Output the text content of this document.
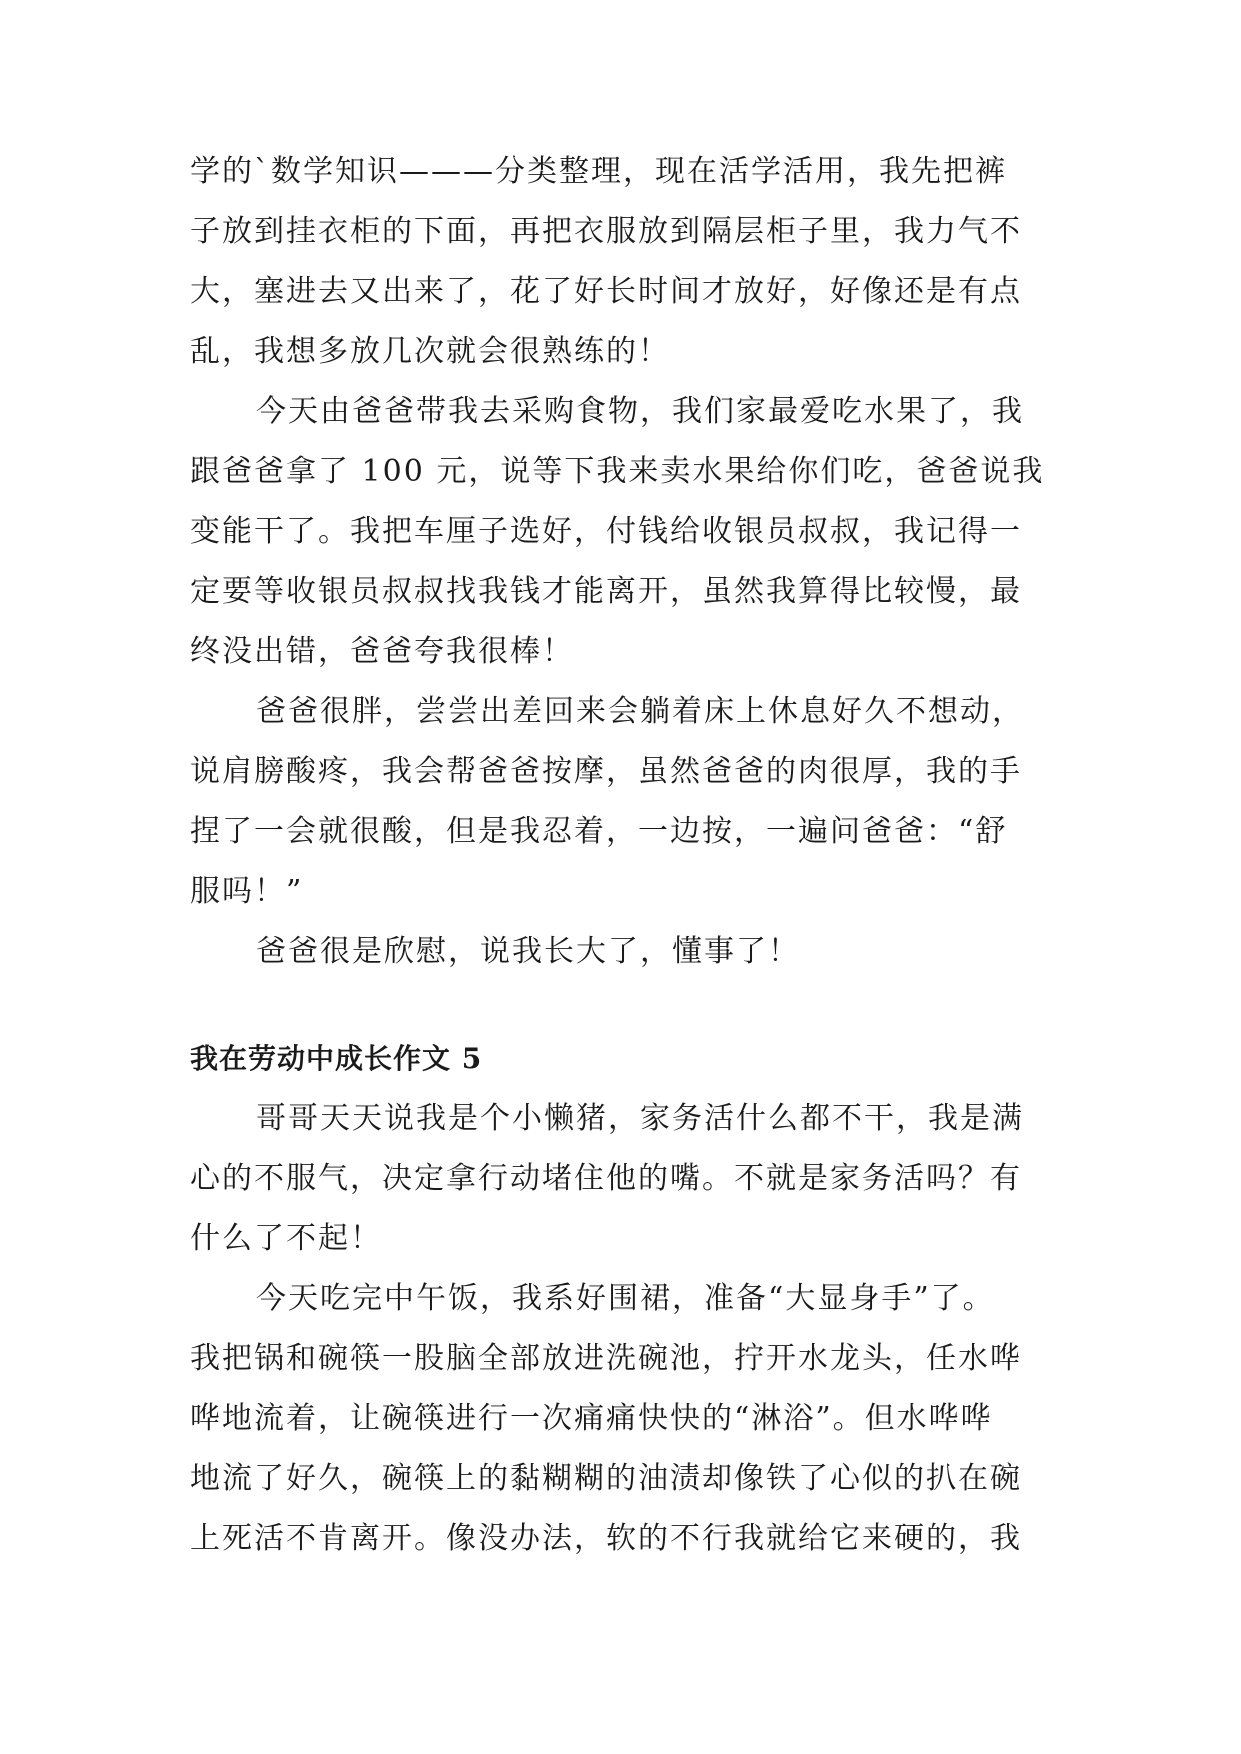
学的`数学知识———分类整理，现在活学活用，我先把裤

子放到挂衣柜的下面，再把衣服放到隔层柜子里，我力气不

大，塞进去又出来了，花了好长时间才放好，好像还是有点

乱，我想多放几次就会很熟练的！

今天由爸爸带我去采购食物，我们家最爱吃水果了，我

跟爸爸拿了 100 元，说等下我来卖水果给你们吃，爸爸说我

变能干了。我把车厘子选好，付钱给收银员叔叔，我记得一

定要等收银员叔叔找我钱才能离开，虽然我算得比较慢，最

终没出错，爸爸夸我很棒！

爸爸很胖，尝尝出差回来会躺着床上休息好久不想动，

说肩膀酸疼，我会帮爸爸按摩，虽然爸爸的肉很厚，我的手

捏了一会就很酸，但是我忍着，一边按，一遍问爸爸：“舒

服吗！”

爸爸很是欣慰，说我长大了，懂事了！

我在劳动中成长作文 5

哥哥天天说我是个小懒猪，家务活什么都不干，我是满

心的不服气，决定拿行动堵住他的嘴。不就是家务活吗？有

什么了不起！

今天吃完中午饭，我系好围裙，准备“大显身手”了。

我把锅和碗筷一股脑全部放进洗碗池，拧开水龙头，任水哗

哗地流着，让碗筷进行一次痛痛快快的“淋浴”。但水哗哗

地流了好久，碗筷上的黏糊糊的油渍却像铁了心似的扒在碗

上死活不肯离开。像没办法，软的不行我就给它来硬的，我
